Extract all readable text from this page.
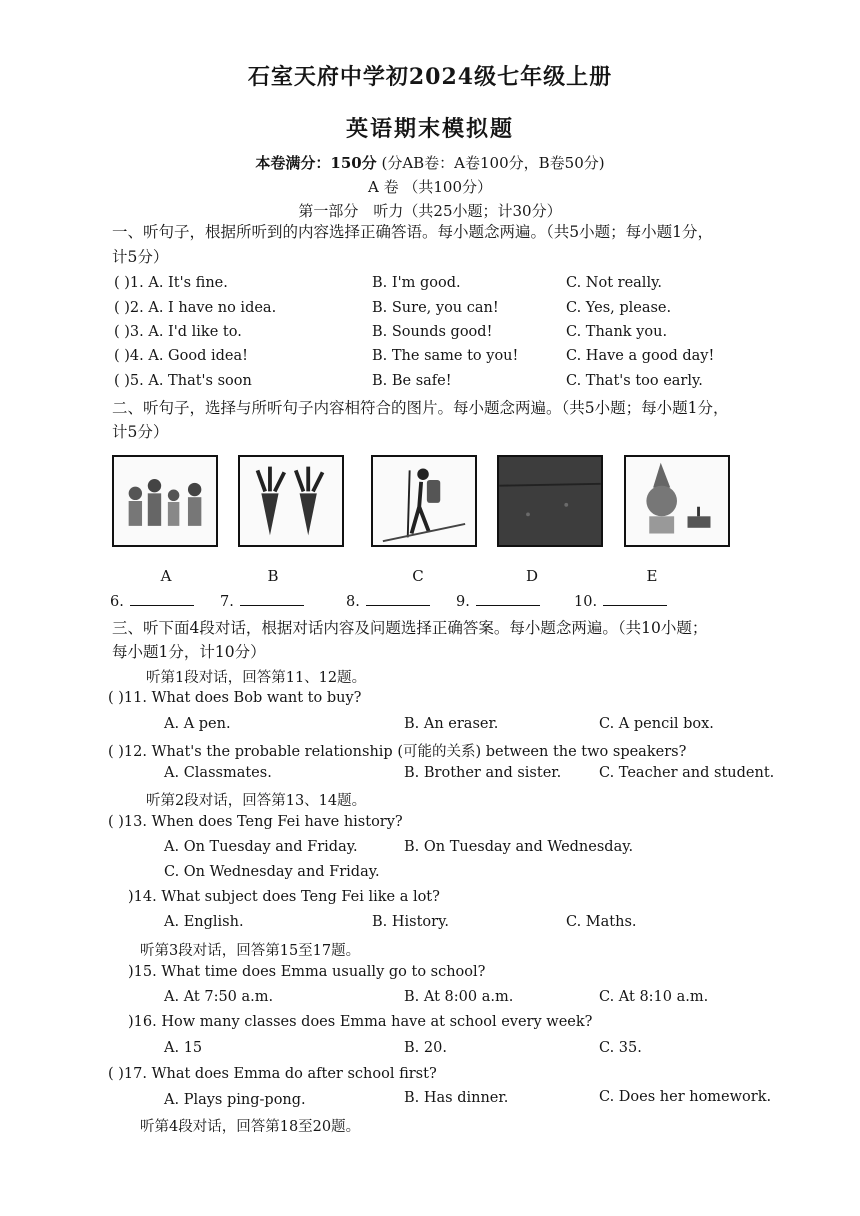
石室天府中学初2024级七年级上册
英语期末模拟题
本卷满分：150分 (分AB卷：A卷100分，B卷50分)
A 卷 （共100分）
第一部分　听力（共25小题；计30分）
一、听句子，根据所听到的内容选择正确答语。每小题念两遍。（共5小题；每小题1分，
计5分）
( )1. A. It's fine.	B. I'm good.	C. Not really.
( )2. A. I have no idea.	B. Sure, you can!	C. Yes, please.
( )3. A. I'd like to.	B. Sounds good!	C. Thank you.
( )4. A. Good idea!	B. The same to you!	C. Have a good day!
( )5. A. That's soon	B. Be safe!	C. That's too early.
二、听句子，选择与所听句子内容相符合的图片。每小题念两遍。（共5小题；每小题1分，
计5分）
A	B	C	D	E
6.	7.	8.	9.	10.
三、听下面4段对话，根据对话内容及问题选择正确答案。每小题念两遍。（共10小题；
每小题1分，计10分）
听第1段对话，回答第11、12题。
( )11. What does Bob want to buy?
A. A pen.	B. An eraser.	C. A pencil box.
( )12. What's the probable relationship (可能的关系) between the two speakers?
A. Classmates.	B. Brother and sister.	C. Teacher and student.
听第2段对话，回答第13、14题。
( )13. When does Teng Fei have history?
A. On Tuesday and Friday.	B. On Tuesday and Wednesday.
C. On Wednesday and Friday.
)14. What subject does Teng Fei like a lot?
A. English.	B. History.	C. Maths.
听第3段对话，回答第15至17题。
)15. What time does Emma usually go to school?
A. At 7:50 a.m.	B. At 8:00 a.m.	C. At 8:10 a.m.
)16. How many classes does Emma have at school every week?
A. 15	B. 20.	C. 35.
( )17. What does Emma do after school first?
A. Plays ping-pong.	B. Has dinner.	C. Does her homework.
听第4段对话，回答第18至20题。
